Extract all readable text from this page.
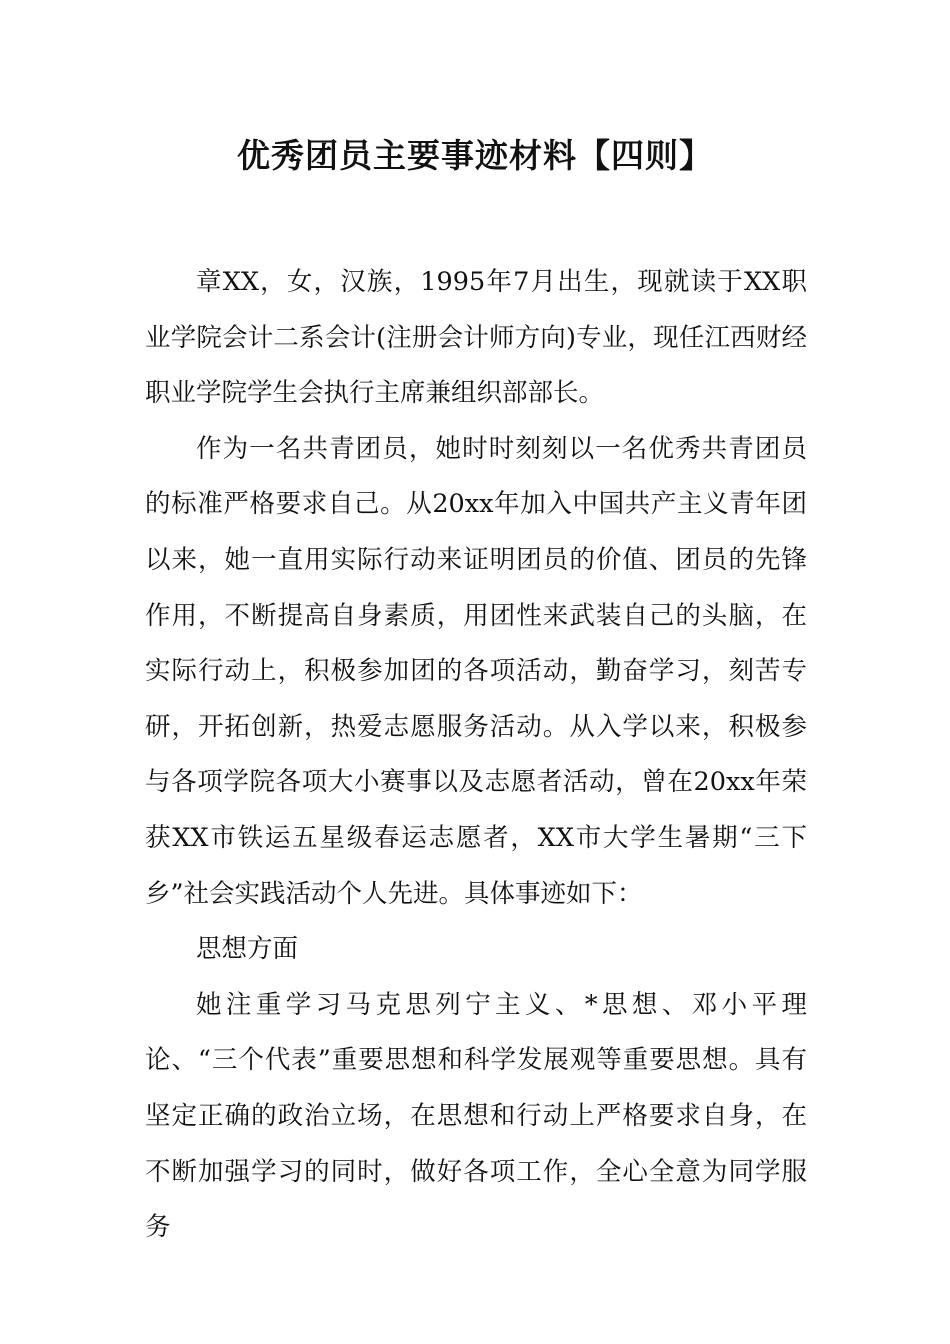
优秀团员主要事迹材料【四则】

章XX，女，汉族，1995年7月出生，现就读于XX职业学院会计二系会计(注册会计师方向)专业，现任江西财经职业学院学生会执行主席兼组织部部长。

作为一名共青团员，她时时刻刻以一名优秀共青团员的标准严格要求自己。从20xx年加入中国共产主义青年团以来，她一直用实际行动来证明团员的价值、团员的先锋作用，不断提高自身素质，用团性来武装自己的头脑，在实际行动上，积极参加团的各项活动，勤奋学习，刻苦专研，开拓创新，热爱志愿服务活动。从入学以来，积极参与各项学院各项大小赛事以及志愿者活动，曾在20xx年荣获XX市铁运五星级春运志愿者，XX市大学生暑期“三下乡”社会实践活动个人先进。具体事迹如下：

思想方面

她注重学习马克思列宁主义、*思想、邓小平理论、“三个代表”重要思想和科学发展观等重要思想。具有坚定正确的政治立场，在思想和行动上严格要求自身，在不断加强学习的同时，做好各项工作，全心全意为同学服务
